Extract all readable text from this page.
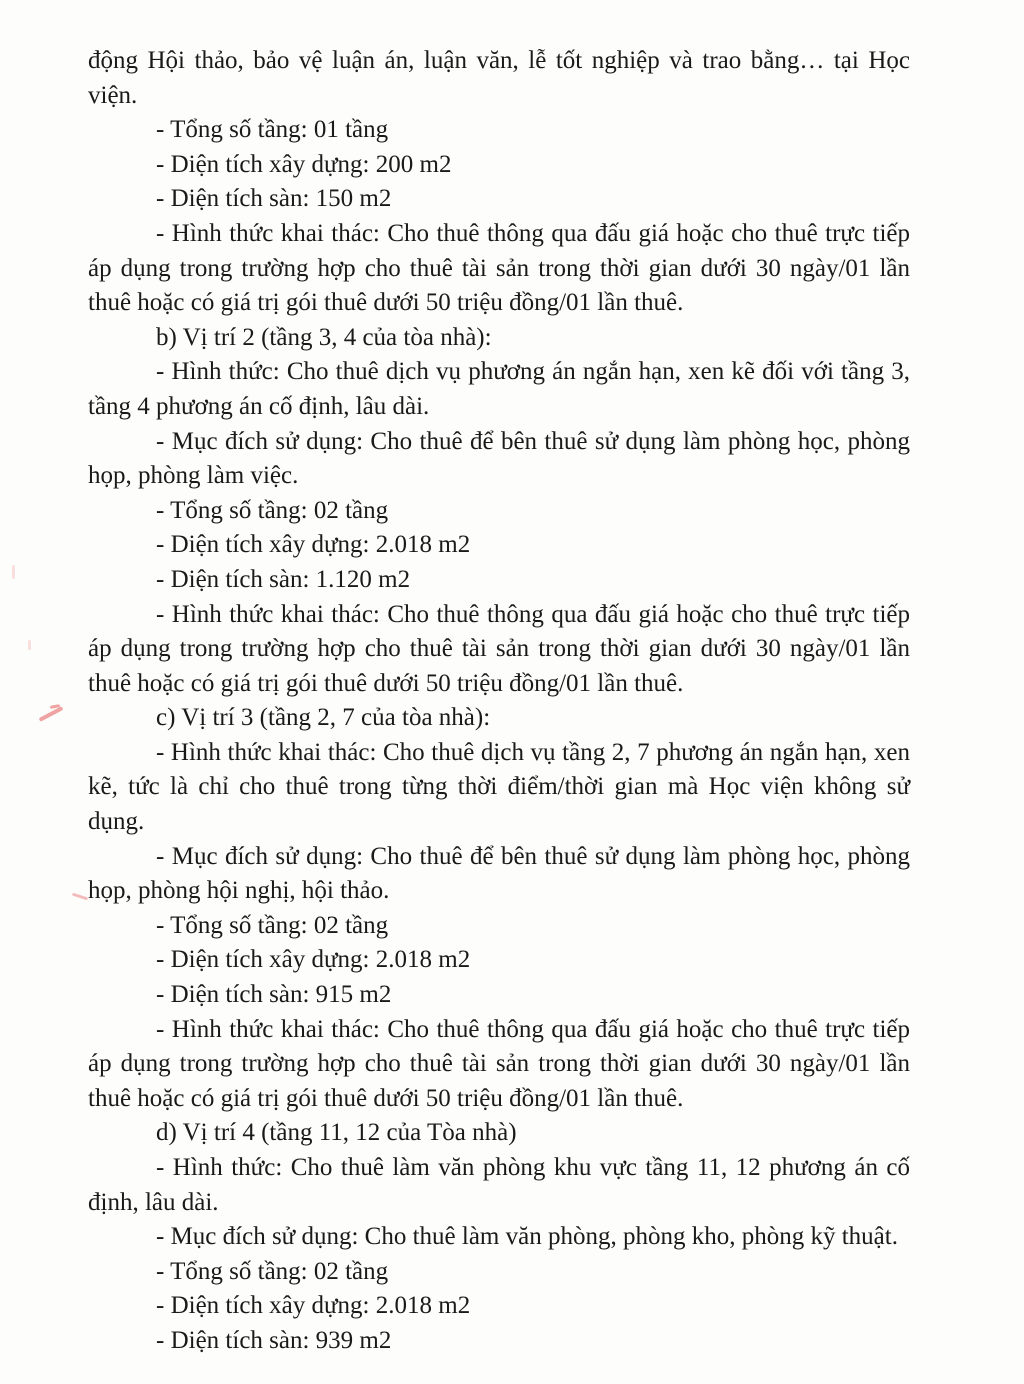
động Hội thảo, bảo vệ luận án, luận văn, lễ tốt nghiệp và trao bằng… tại Học viện.

- Tổng số tầng: 01 tầng

- Diện tích xây dựng: 200 m2

- Diện tích sàn: 150 m2

- Hình thức khai thác: Cho thuê thông qua đấu giá hoặc cho thuê trực tiếp áp dụng trong trường hợp cho thuê tài sản trong thời gian dưới 30 ngày/01 lần thuê hoặc có giá trị gói thuê dưới 50 triệu đồng/01 lần thuê.

b) Vị trí 2 (tầng 3, 4 của tòa nhà):

- Hình thức: Cho thuê dịch vụ phương án ngắn hạn, xen kẽ đối với tầng 3, tầng 4 phương án cố định, lâu dài.

- Mục đích sử dụng: Cho thuê để bên thuê sử dụng làm phòng học, phòng họp, phòng làm việc.

- Tổng số tầng: 02 tầng

- Diện tích xây dựng: 2.018 m2

- Diện tích sàn: 1.120 m2

- Hình thức khai thác: Cho thuê thông qua đấu giá hoặc cho thuê trực tiếp áp dụng trong trường hợp cho thuê tài sản trong thời gian dưới 30 ngày/01 lần thuê hoặc có giá trị gói thuê dưới 50 triệu đồng/01 lần thuê.

c) Vị trí 3 (tầng 2, 7 của tòa nhà):

- Hình thức khai thác: Cho thuê dịch vụ tầng 2, 7 phương án ngắn hạn, xen kẽ, tức là chỉ cho thuê trong từng thời điểm/thời gian mà Học viện không sử dụng.

- Mục đích sử dụng: Cho thuê để bên thuê sử dụng làm phòng học, phòng họp, phòng hội nghị, hội thảo.

- Tổng số tầng: 02 tầng

- Diện tích xây dựng: 2.018 m2

- Diện tích sàn: 915 m2

- Hình thức khai thác: Cho thuê thông qua đấu giá hoặc cho thuê trực tiếp áp dụng trong trường hợp cho thuê tài sản trong thời gian dưới 30 ngày/01 lần thuê hoặc có giá trị gói thuê dưới 50 triệu đồng/01 lần thuê.

d) Vị trí 4 (tầng 11, 12 của Tòa nhà)

- Hình thức: Cho thuê làm văn phòng khu vực tầng 11, 12 phương án cố định, lâu dài.

- Mục đích sử dụng: Cho thuê làm văn phòng, phòng kho, phòng kỹ thuật.

- Tổng số tầng: 02 tầng

- Diện tích xây dựng: 2.018 m2

- Diện tích sàn: 939 m2
